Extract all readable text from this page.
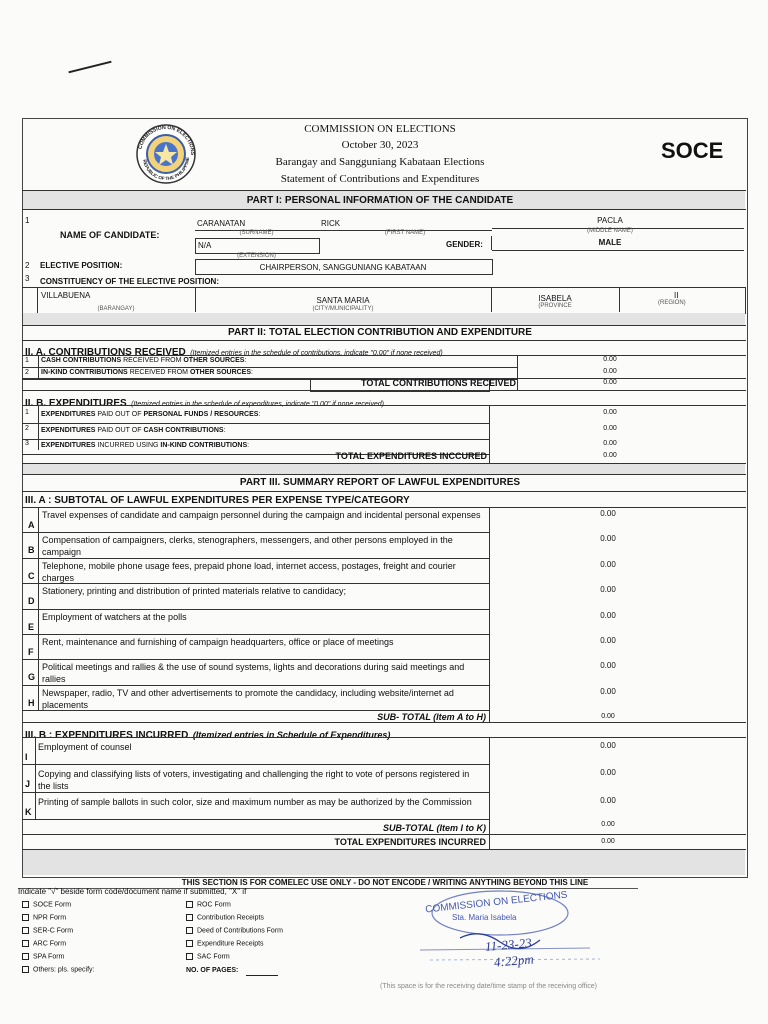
COMMISSION ON ELECTIONS
REPUBLIC OF THE PHILIPPINE
COMMISSION ON ELECTIONS
October 30, 2023
Barangay and Sangguniang Kabataan Elections
Statement of Contributions and Expenditures
SOCE
PART I: PERSONAL INFORMATION OF THE CANDIDATE
1
NAME OF CANDIDATE:
CARANATAN
(SURNAME)
RICK
(FIRST NAME)
PACLA
(MIDDLE NAME)
N/A
(EXTENSION)
GENDER:	MALE
2 ELECTIVE POSITION:	CHAIRPERSON, SANGGUNIANG KABATAAN
3 CONSTITUENCY OF THE ELECTIVE POSITION:
VILLABUENA
(BARANGAY)
SANTA MARIA
(CITY/MUNICIPALITY)
ISABELA
(PROVINCE
II
(REGION)
PART II: TOTAL ELECTION CONTRIBUTION AND EXPENDITURE
II. A. CONTRIBUTIONS RECEIVED (Itemized entries in the schedule of contributions, indicate "0.00" if none received)
1 CASH CONTRIBUTIONS RECEIVED FROM OTHER SOURCES:	0.00
2 IN-KIND CONTRIBUTIONS RECEIVED FROM OTHER SOURCES:	0.00
TOTAL CONTRIBUTIONS RECEIVED	0.00
II. B. EXPENDITURES (Itemized entries in the schedule of expenditures, indicate "0.00" if none received)
1 EXPENDITURES PAID OUT OF PERSONAL FUNDS / RESOURCES:	0.00
2 EXPENDITURES PAID OUT OF CASH CONTRIBUTIONS:	0.00
3 EXPENDITURES INCURRED USING IN-KIND CONTRIBUTIONS:	0.00
TOTAL EXPENDITURES INCCURED	0.00
PART III. SUMMARY REPORT OF LAWFUL EXPENDITURES
III. A : SUBTOTAL OF LAWFUL EXPENDITURES PER EXPENSE TYPE/CATEGORY
A
Travel expenses of candidate and campaign personnel during the campaign and incidental personal expenses	0.00
B
Compensation of campaigners, clerks, stenographers, messengers, and other persons employed in the campaign
0.00
C
Telephone, mobile phone usage fees, prepaid phone load, internet access, postages, freight and courier charges
0.00
D
Stationery, printing and distribution of printed materials relative to candidacy;	0.00
E
Employment of watchers at the polls	0.00
F
Rent, maintenance and furnishing of campaign headquarters, office or place of meetings	0.00
G
Political meetings and rallies & the use of sound systems, lights and decorations during said meetings and rallies
0.00
H
Newspaper, radio, TV and other advertisements to promote the candidacy, including website/internet ad placements
0.00
SUB- TOTAL (Item A to H)	0.00
III. B : EXPENDITURES INCURRED (Itemized entries in Schedule of Expenditures)
I
Employment of counsel	0.00
J
Copying and classifying lists of voters, investigating and challenging the right to vote of persons registered in the lists
0.00
K
Printing of sample ballots in such color, size and maximum number as may be authorized by the Commission	0.00
SUB-TOTAL (Item I to K)	0.00
TOTAL EXPENDITURES INCURRED	0.00
THIS SECTION IS FOR COMELEC USE ONLY - DO NOT ENCODE / WRITING ANYTHING BEYOND THIS LINE
Indicate "√" beside form code/document name if submitted, "X" if
SOCE Form
NPR Form
SER-C Form
ARC Form
SPA Form
Others: pls. specify:
ROC Form
Contribution Receipts
Deed of Contributions Form
Expenditure Receipts
SAC Form
NO. OF PAGES:
COMMISSION ON ELECTIONS
Sta. Maria Isabela
11-23-23
4:22pm
(This space is for the receiving date/time stamp of the receiving office)
